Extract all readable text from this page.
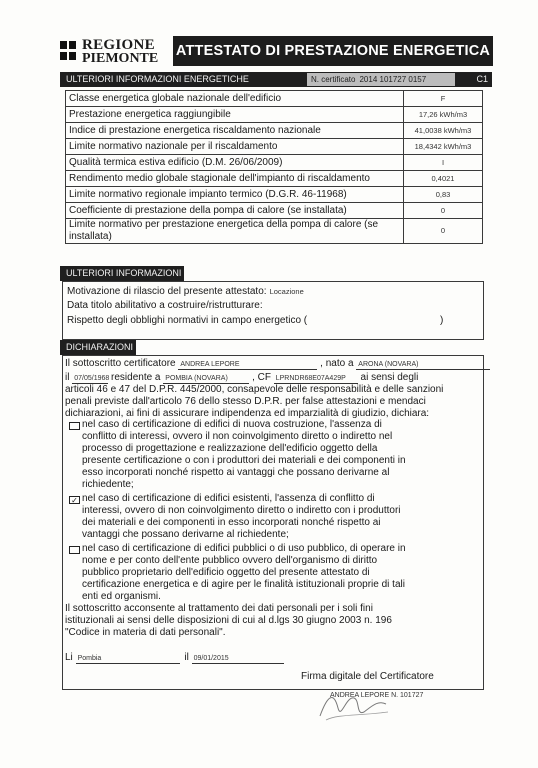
REGIONE
PIEMONTE ATTESTATO DI PRESTAZIONE ENERGETICA
ULTERIORI INFORMAZIONI ENERGETICHE	N. certificato 2014 101727 0157	C1
Classe energetica globale nazionale dell'edificio	F
Prestazione energetica raggiungibile	17,26 kWh/m3
Indice di prestazione energetica riscaldamento nazionale	41,0038 kWh/m3
Limite normativo nazionale per il riscaldamento	18,4342 kWh/m3
Qualità termica estiva edificio (D.M. 26/06/2009)	I
Rendimento medio globale stagionale dell'impianto di riscaldamento	0,4021
Limite normativo regionale impianto termico (D.G.R. 46-11968)	0,83
Coefficiente di prestazione della pompa di calore (se installata)	0
Limite normativo per prestazione energetica della pompa di calore (se installata)	0
ULTERIORI INFORMAZIONI
Motivazione di rilascio del presente attestato: Locazione
Data titolo abilitativo a costruire/ristrutturare:
Rispetto degli obblighi normativi in campo energetico (	)
DICHIARAZIONI
Il sottoscritto certificatore ANDREA LEPORE	, nato a ARONA (NOVARA)
il 07/05/1968 residente a POMBIA (NOVARA) , CF LPRNDR68E07A429P ai sensi degli
articoli 46 e 47 del D.P.R. 445/2000, consapevole delle responsabilità e delle sanzioni
penali previste dall'articolo 76 dello stesso D.P.R. per false attestazioni e mendaci
dichiarazioni, ai fini di assicurare indipendenza ed imparzialità di giudizio, dichiara:
nel caso di certificazione di edifici di nuova costruzione, l'assenza di
conflitto di interessi, ovvero il non coinvolgimento diretto o indiretto nel
processo di progettazione e realizzazione dell'edificio oggetto della
presente certificazione o con i produttori dei materiali e dei componenti in
esso incorporati nonché rispetto ai vantaggi che possano derivarne al
richiedente;
✓ nel caso di certificazione di edifici esistenti, l'assenza di conflitto di
interessi, ovvero di non coinvolgimento diretto o indiretto con i produttori
dei materiali e dei componenti in esso incorporati nonché rispetto ai
vantaggi che possano derivarne al richiedente;
nel caso di certificazione di edifici pubblici o di uso pubblico, di operare in
nome e per conto dell'ente pubblico ovvero dell'organismo di diritto
pubblico proprietario dell'edificio oggetto del presente attestato di
certificazione energetica e di agire per le finalità istituzionali proprie di tali
enti ed organismi.
Il sottoscritto acconsente al trattamento dei dati personali per i soli fini
istituzionali ai sensi delle disposizioni di cui al d.lgs 30 giugno 2003 n. 196
"Codice in materia di dati personali".
Li Pombia	il 09/01/2015
Firma digitale del Certificatore
ANDREA LEPORE N. 101727
